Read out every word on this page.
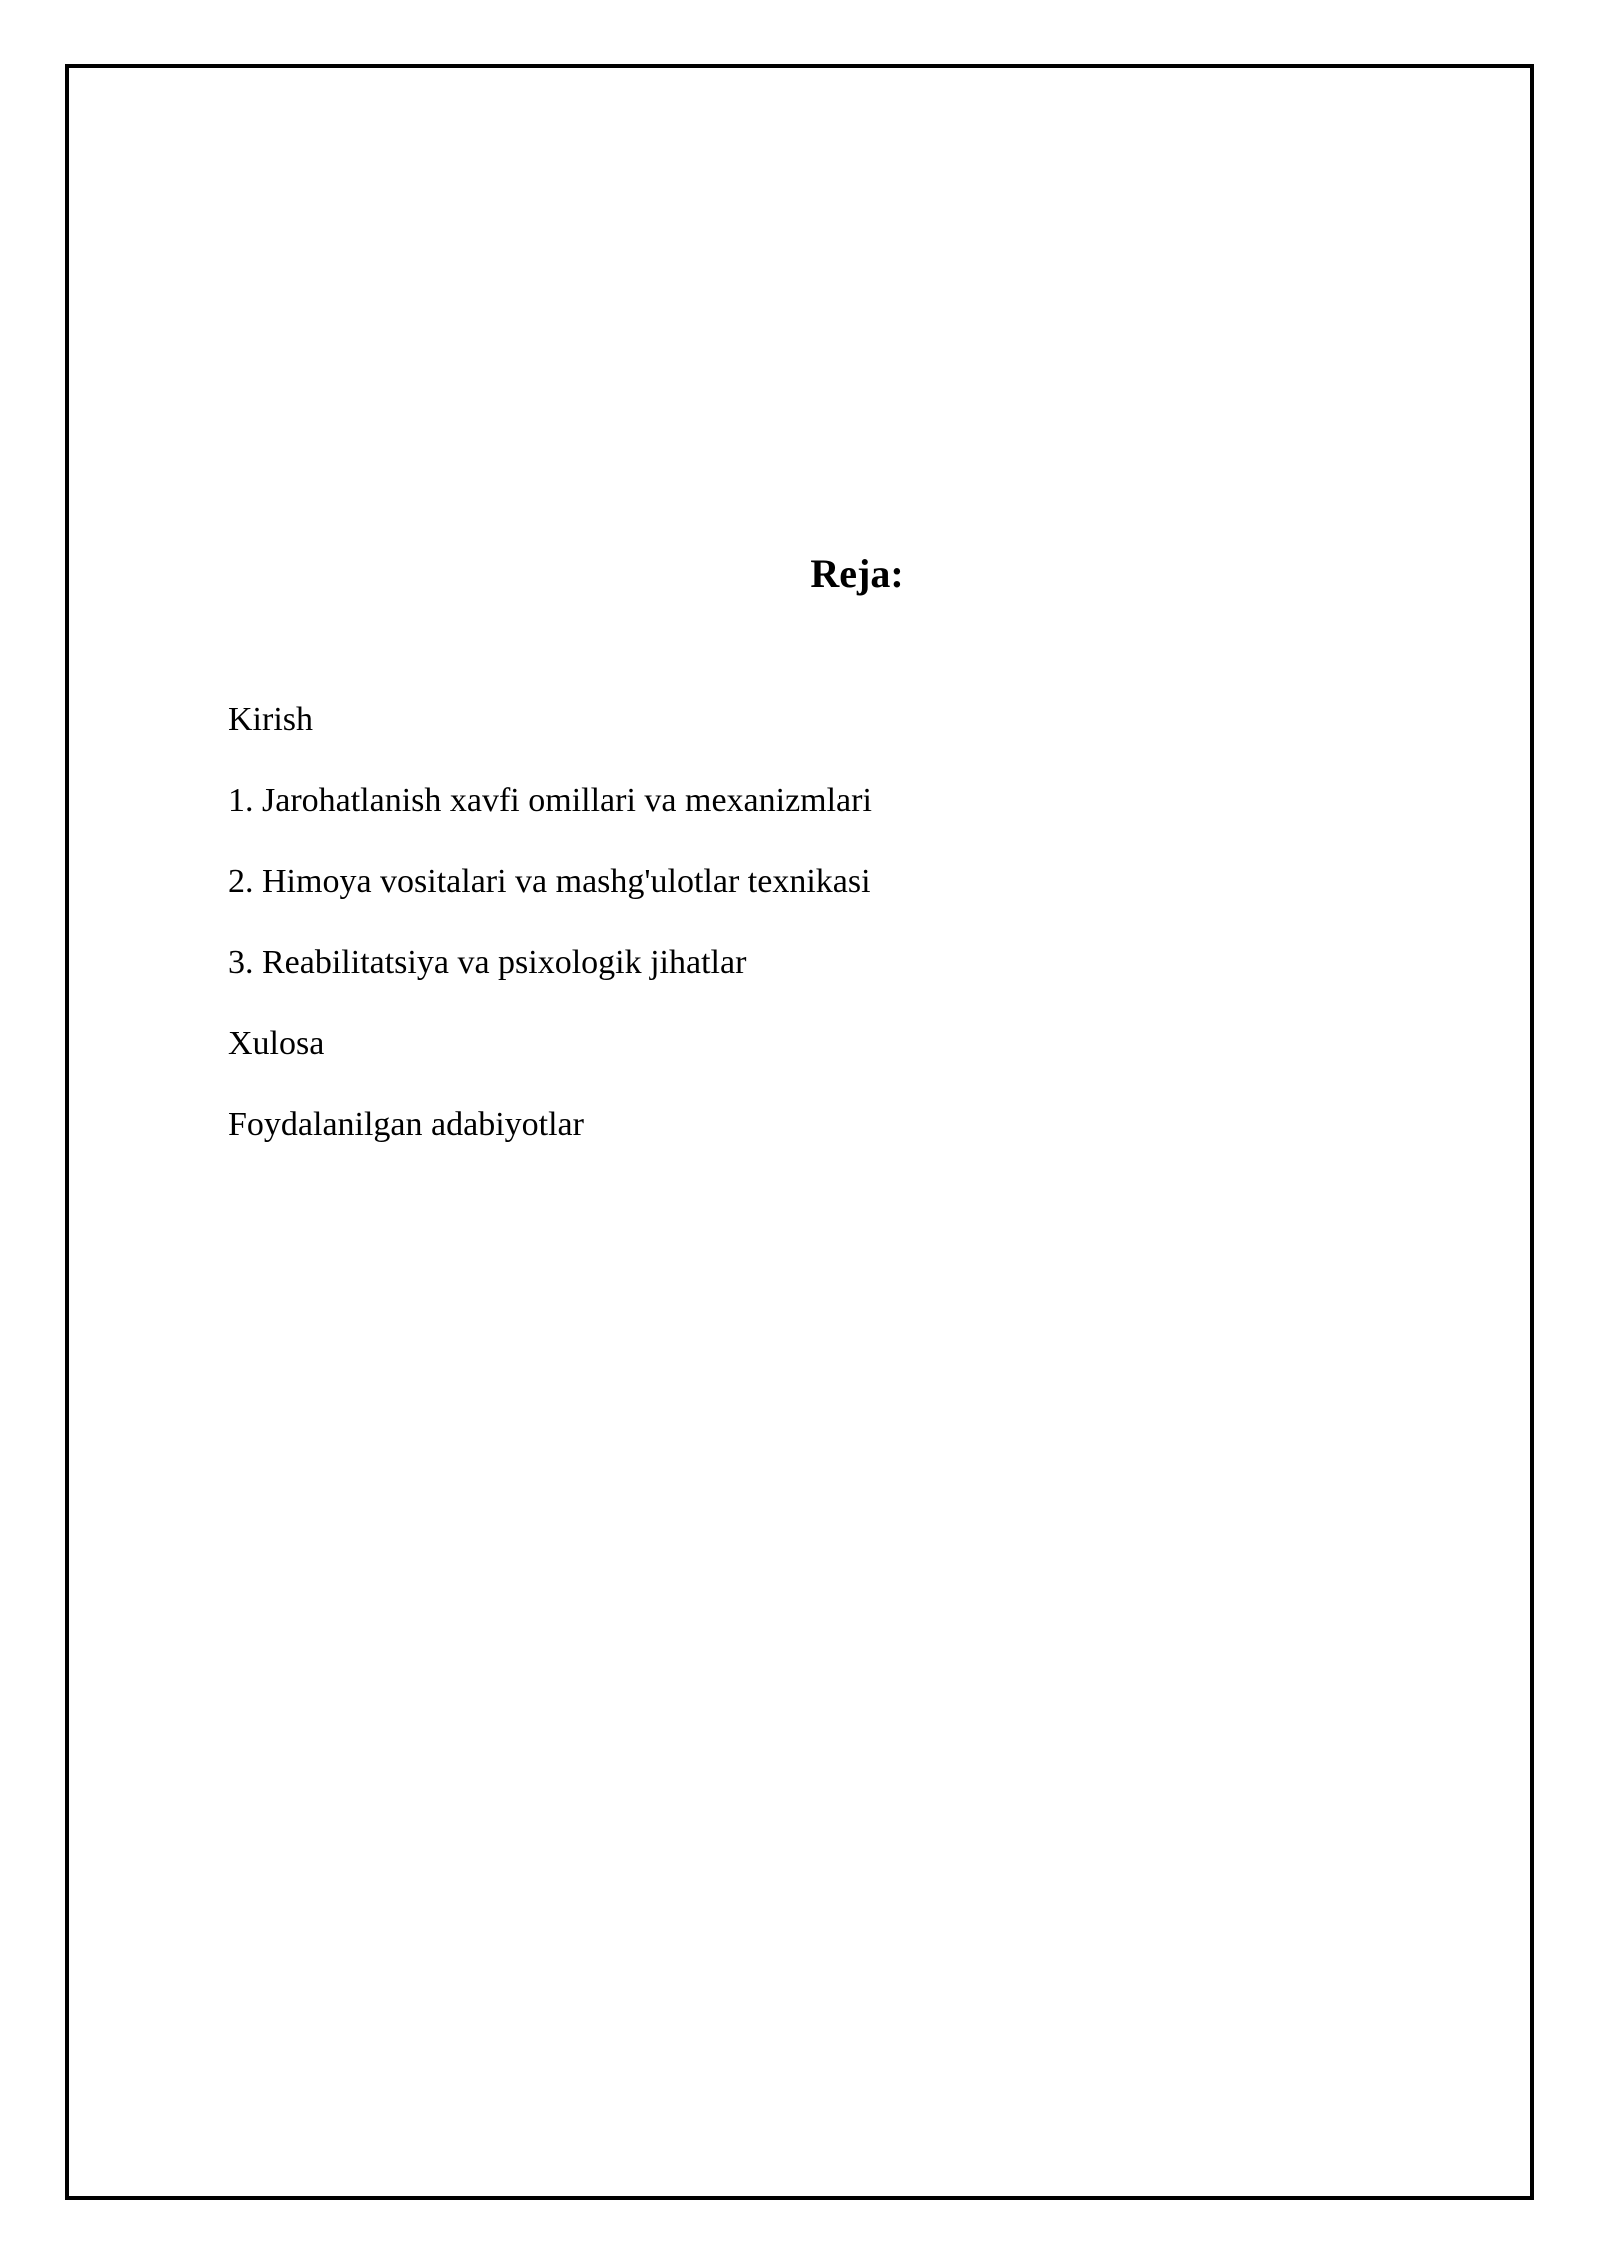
Reja:
Kirish
1. Jarohatlanish xavfi omillari va mexanizmlari
2. Himoya vositalari va mashg'ulotlar texnikasi
3. Reabilitatsiya va psixologik jihatlar
Xulosa
Foydalanilgan adabiyotlar
